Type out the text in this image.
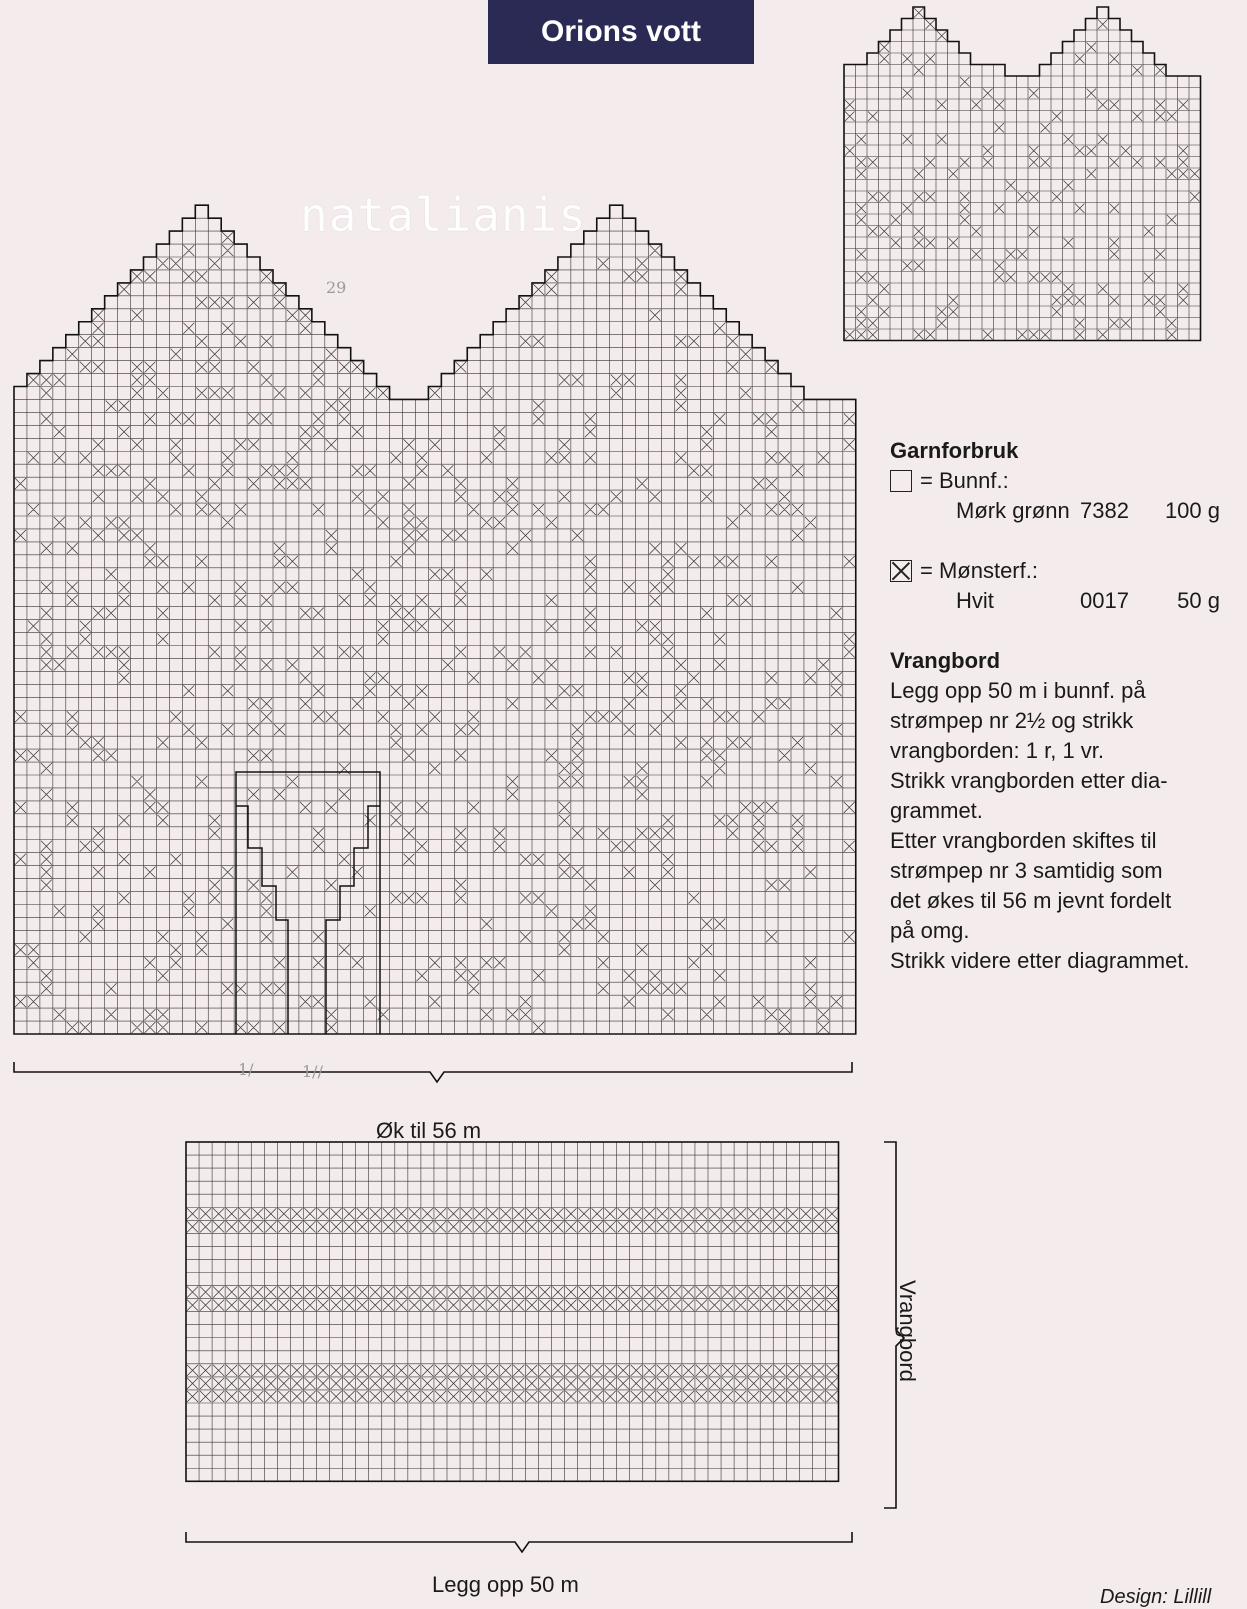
Orions vott
natalianis
29
1/	1//
Øk til 56 m
Legg opp 50 m
Vrangbord
Garnforbruk
= Bunnf.:
Mørk grønn 7382	100 g
= Mønsterf.:
Hvit	0017	50 g
Vrangbord

Legg opp 50 m i bunnf. på

strømpep nr 2½ og strikk

vrangborden: 1 r, 1 vr.

Strikk vrangborden etter dia-

grammet.

Etter vrangborden skiftes til

strømpep nr 3 samtidig som

det økes til 56 m jevnt fordelt

på omg.

Strikk videre etter diagrammet.

Design: Lillill
